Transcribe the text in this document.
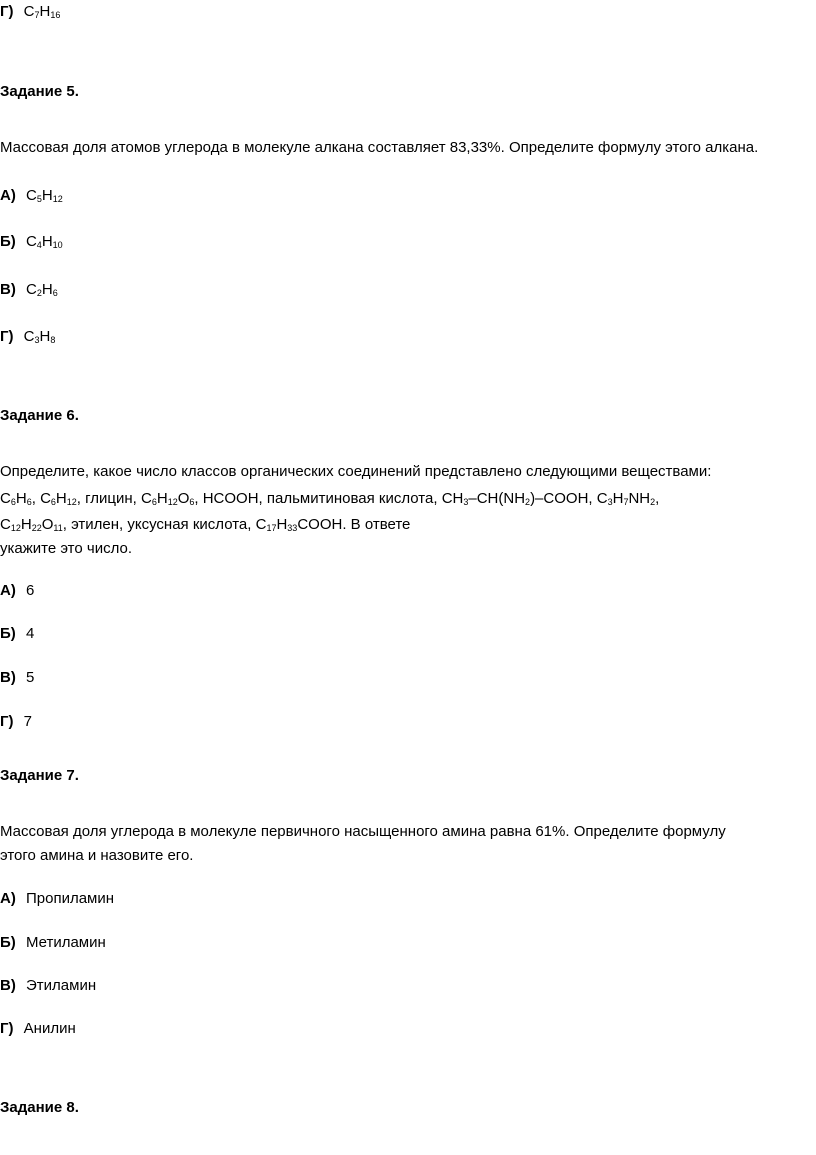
Г) $C_7H_{16}$
Задание 5.
Массовая доля атомов углерода в молекуле алкана составляет 83,33%. Определите формулу этого алкана.
А) $C_5H_{12}$
Б) $C_4H_{10}$
В) $C_2H_6$
Г) $C_3H_8$
Задание 6.
Определите, какое число классов органических соединений представлено следующими веществами:
$C_6H_6$, $C_6H_{12}$, глицин, $C_6H_{12}O_6$, HCOOH, пальмитиновая кислота, $CH_3-CH(NH_2)$–COOH, $C_3H_7NH_2$,
$C_{12}H_{22}O_{11}$, этилен, уксусная кислота, $C_{17}H_{33}COOH$. В ответе
укажите это число.
А) 6
Б) 4
В) 5
Г) 7
Задание 7.
Массовая доля углерода в молекуле первичного насыщенного амина равна 61%. Определите формулу
этого амина и назовите его.
А) Пропиламин
Б) Метиламин
В) Этиламин
Г) Анилин
Задание 8.
